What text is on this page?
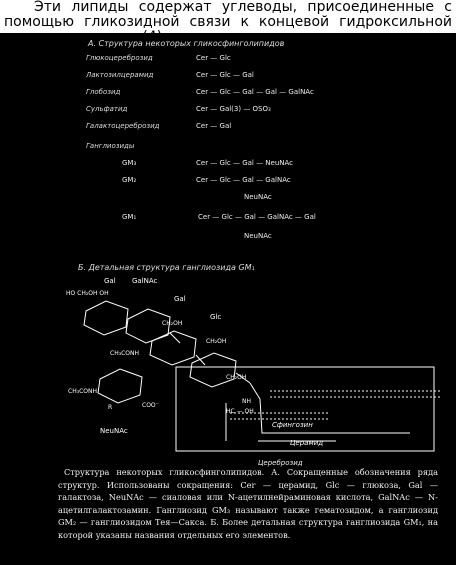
Эти липиды содержат углеводы, присоединенные с помощью гликозидной связи к концевой гидроксильной
А. Структура некоторых гликосфинголипидов
Глюкоцереброзид	Cer — Glc
Лактозилцерамид	Cer — Glc — Gal
Глобозид	Cer — Glc — Gal — Gal — GalNAc
Сульфатид	Cer — Gal(3) — OSO₃
Галактоцереброзид	Cer — Gal
Ганглиозиды
GM₃	Cer — Glc — Gal — NeuNAc
GM₂	Cer — Glc — Gal — GalNAc
NeuNAc
GM₁	Cer — Glc — Gal — GalNAc — Gal
NeuNAc
Б. Детальная структура ганглиозида GM₁
Gal GalNAc
Gal
Glc
HO CH₂OH OH
CH₂OH
CH₂OH
CH₂OH
CH₃CONH
CH₃CONH
COO⁻
R
NH
HC — OH
NeuNAc
Сфингозин
Церамид
Цереброзид
Структура некоторых гликосфинголипидов. А. Сокращенные обозначения ряда структур. Использованы сокращения: Cer — церамид, Glc — глюкоза, Gal — галактоза, NeuNAc — сиаловая или N-ацетилнейраминовая кислота, GalNAc — N-ацетилгалактозамин. Ганглиозид GM₃ называют также гематозидом, а ганглиозид GM₂ — ганглиозидом Тея—Сакса. Б. Более детальная структура ганглиозида GM₁, на которой указаны названия отдельных его элементов.
